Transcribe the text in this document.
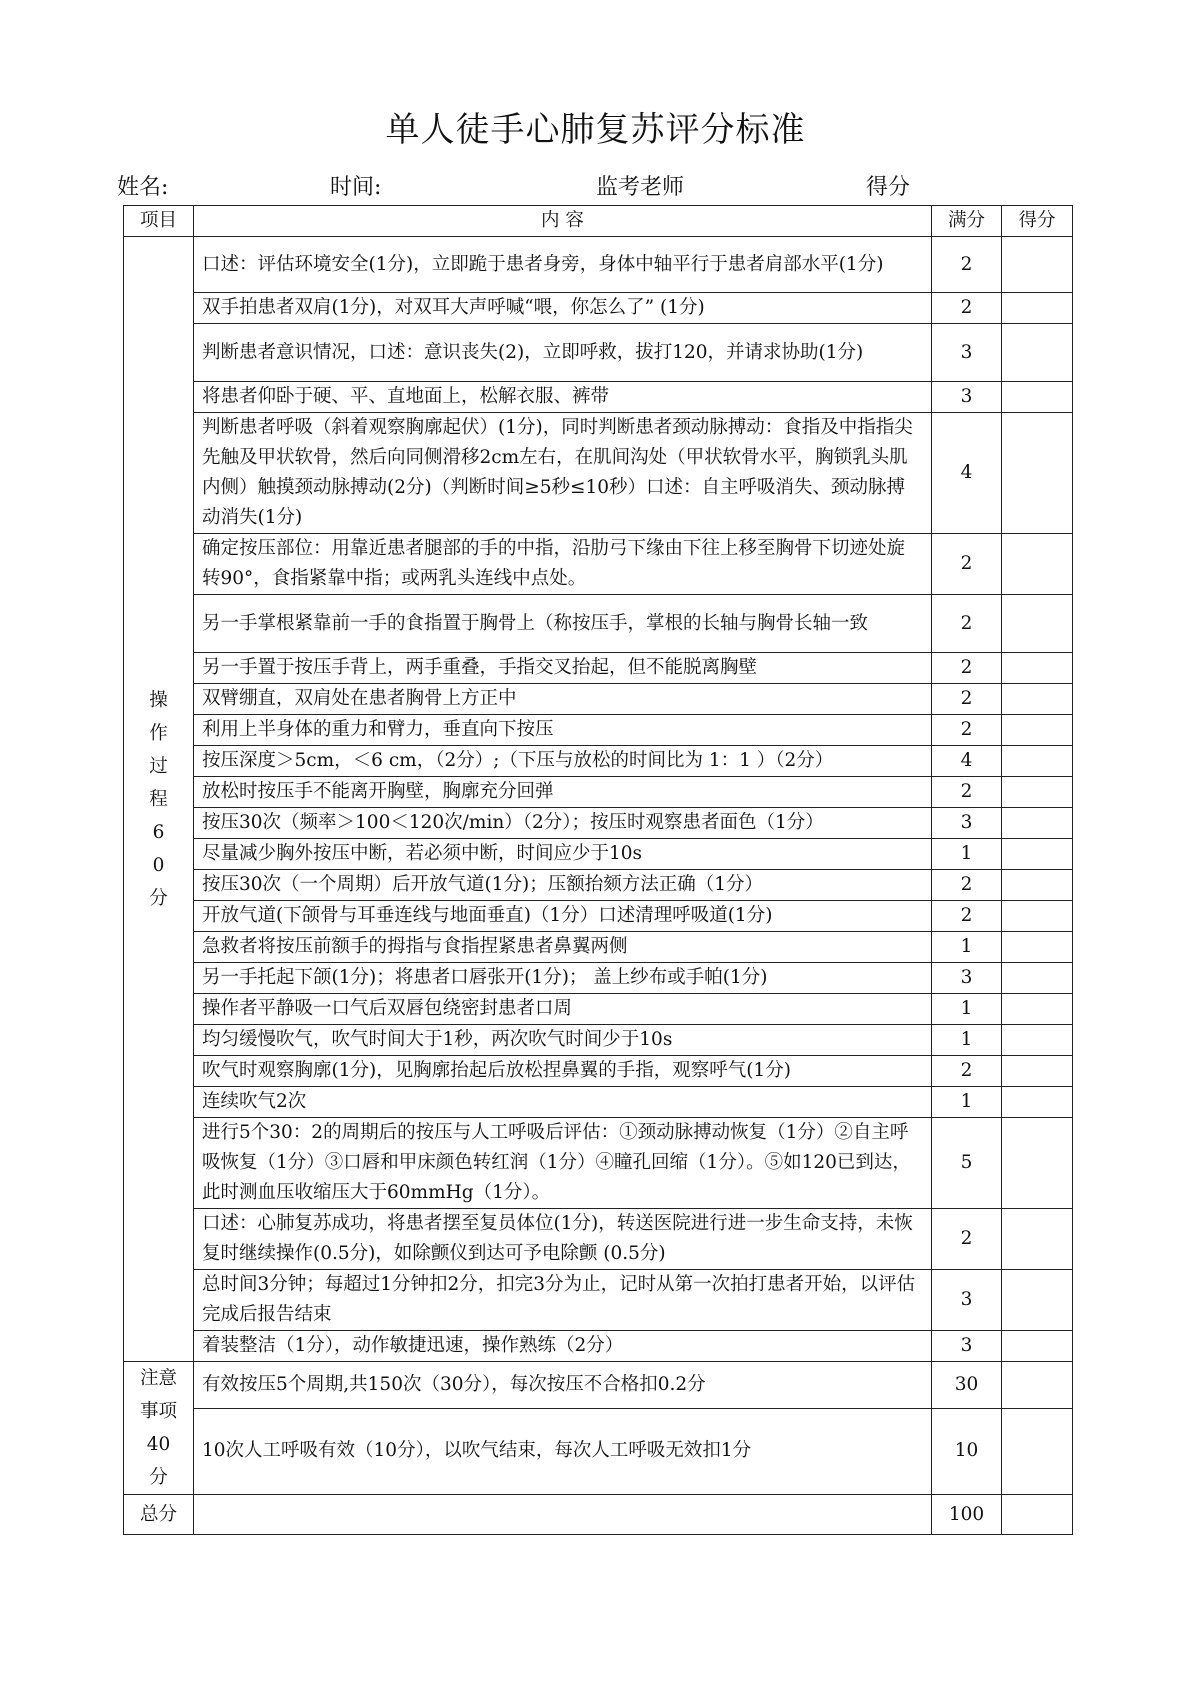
单人徒手心肺复苏评分标准
姓名:	时间:	监考老师	得分
项目	内 容	满分	得分
操作过程60分	口述：评估环境安全(1分)，立即跪于患者身旁，身体中轴平行于患者肩部水平(1分)	2	
	双手拍患者双肩(1分)，对双耳大声呼喊“喂，你怎么了” (1分)	2	
	判断患者意识情况，口述：意识丧失(2)，立即呼救，拔打120，并请求协助(1分)	3	
	将患者仰卧于硬、平、直地面上，松解衣服、裤带	3	
	判断患者呼吸（斜着观察胸廓起伏）(1分)，同时判断患者颈动脉搏动：食指及中指指尖先触及甲状软骨，然后向同侧滑移2cm左右，在肌间沟处（甲状软骨水平，胸锁乳头肌内侧）触摸颈动脉搏动(2分)（判断时间≥5秒≤10秒）口述：自主呼吸消失、颈动脉搏动消失(1分)	4	
	确定按压部位：用靠近患者腿部的手的中指，沿肋弓下缘由下往上移至胸骨下切迹处旋转90°，食指紧靠中指；或两乳头连线中点处。	2	
	另一手掌根紧靠前一手的食指置于胸骨上（称按压手，掌根的长轴与胸骨长轴一致	2	
	另一手置于按压手背上，两手重叠，手指交叉抬起，但不能脱离胸壁	2	
	双臂绷直，双肩处在患者胸骨上方正中	2	
	利用上半身体的重力和臂力，垂直向下按压	2	
	按压深度＞5cm，＜6 cm，（2分）;（下压与放松的时间比为 1：1 ）（2分）	4	
	放松时按压手不能离开胸壁，胸廓充分回弹	2	
	按压30次（频率＞100＜120次/min）（2分）；按压时观察患者面色（1分）	3	
	尽量减少胸外按压中断，若必须中断，时间应少于10s	1	
	按压30次（一个周期）后开放气道(1分)；压额抬颏方法正确（1分）	2	
	开放气道(下颌骨与耳垂连线与地面垂直)（1分）口述清理呼吸道(1分)	2	
	急救者将按压前额手的拇指与食指捏紧患者鼻翼两侧	1	
	另一手托起下颌(1分)；将患者口唇张开(1分)； 盖上纱布或手帕(1分)	3	
	操作者平静吸一口气后双唇包绕密封患者口周	1	
	均匀缓慢吹气，吹气时间大于1秒，两次吹气时间少于10s	1	
	吹气时观察胸廓(1分)，见胸廓抬起后放松捏鼻翼的手指，观察呼气(1分)	2	
	连续吹气2次	1	
	进行5个30：2的周期后的按压与人工呼吸后评估：①颈动脉搏动恢复（1分）②自主呼吸恢复（1分）③口唇和甲床颜色转红润（1分）④瞳孔回缩（1分）。⑤如120已到达，此时测血压收缩压大于60mmHg（1分）。	5	
	口述：心肺复苏成功，将患者摆至复员体位(1分)，转送医院进行进一步生命支持，未恢复时继续操作(0.5分)，如除颤仪到达可予电除颤 (0.5分)	2	
	总时间3分钟；每超过1分钟扣2分，扣完3分为止，记时从第一次拍打患者开始，以评估完成后报告结束	3	
	着装整洁（1分），动作敏捷迅速，操作熟练（2分）	3	
注意事项40分	有效按压5个周期,共150次（30分），每次按压不合格扣0.2分	30	
	10次人工呼吸有效（10分），以吹气结束，每次人工呼吸无效扣1分	10	
总分		100	
